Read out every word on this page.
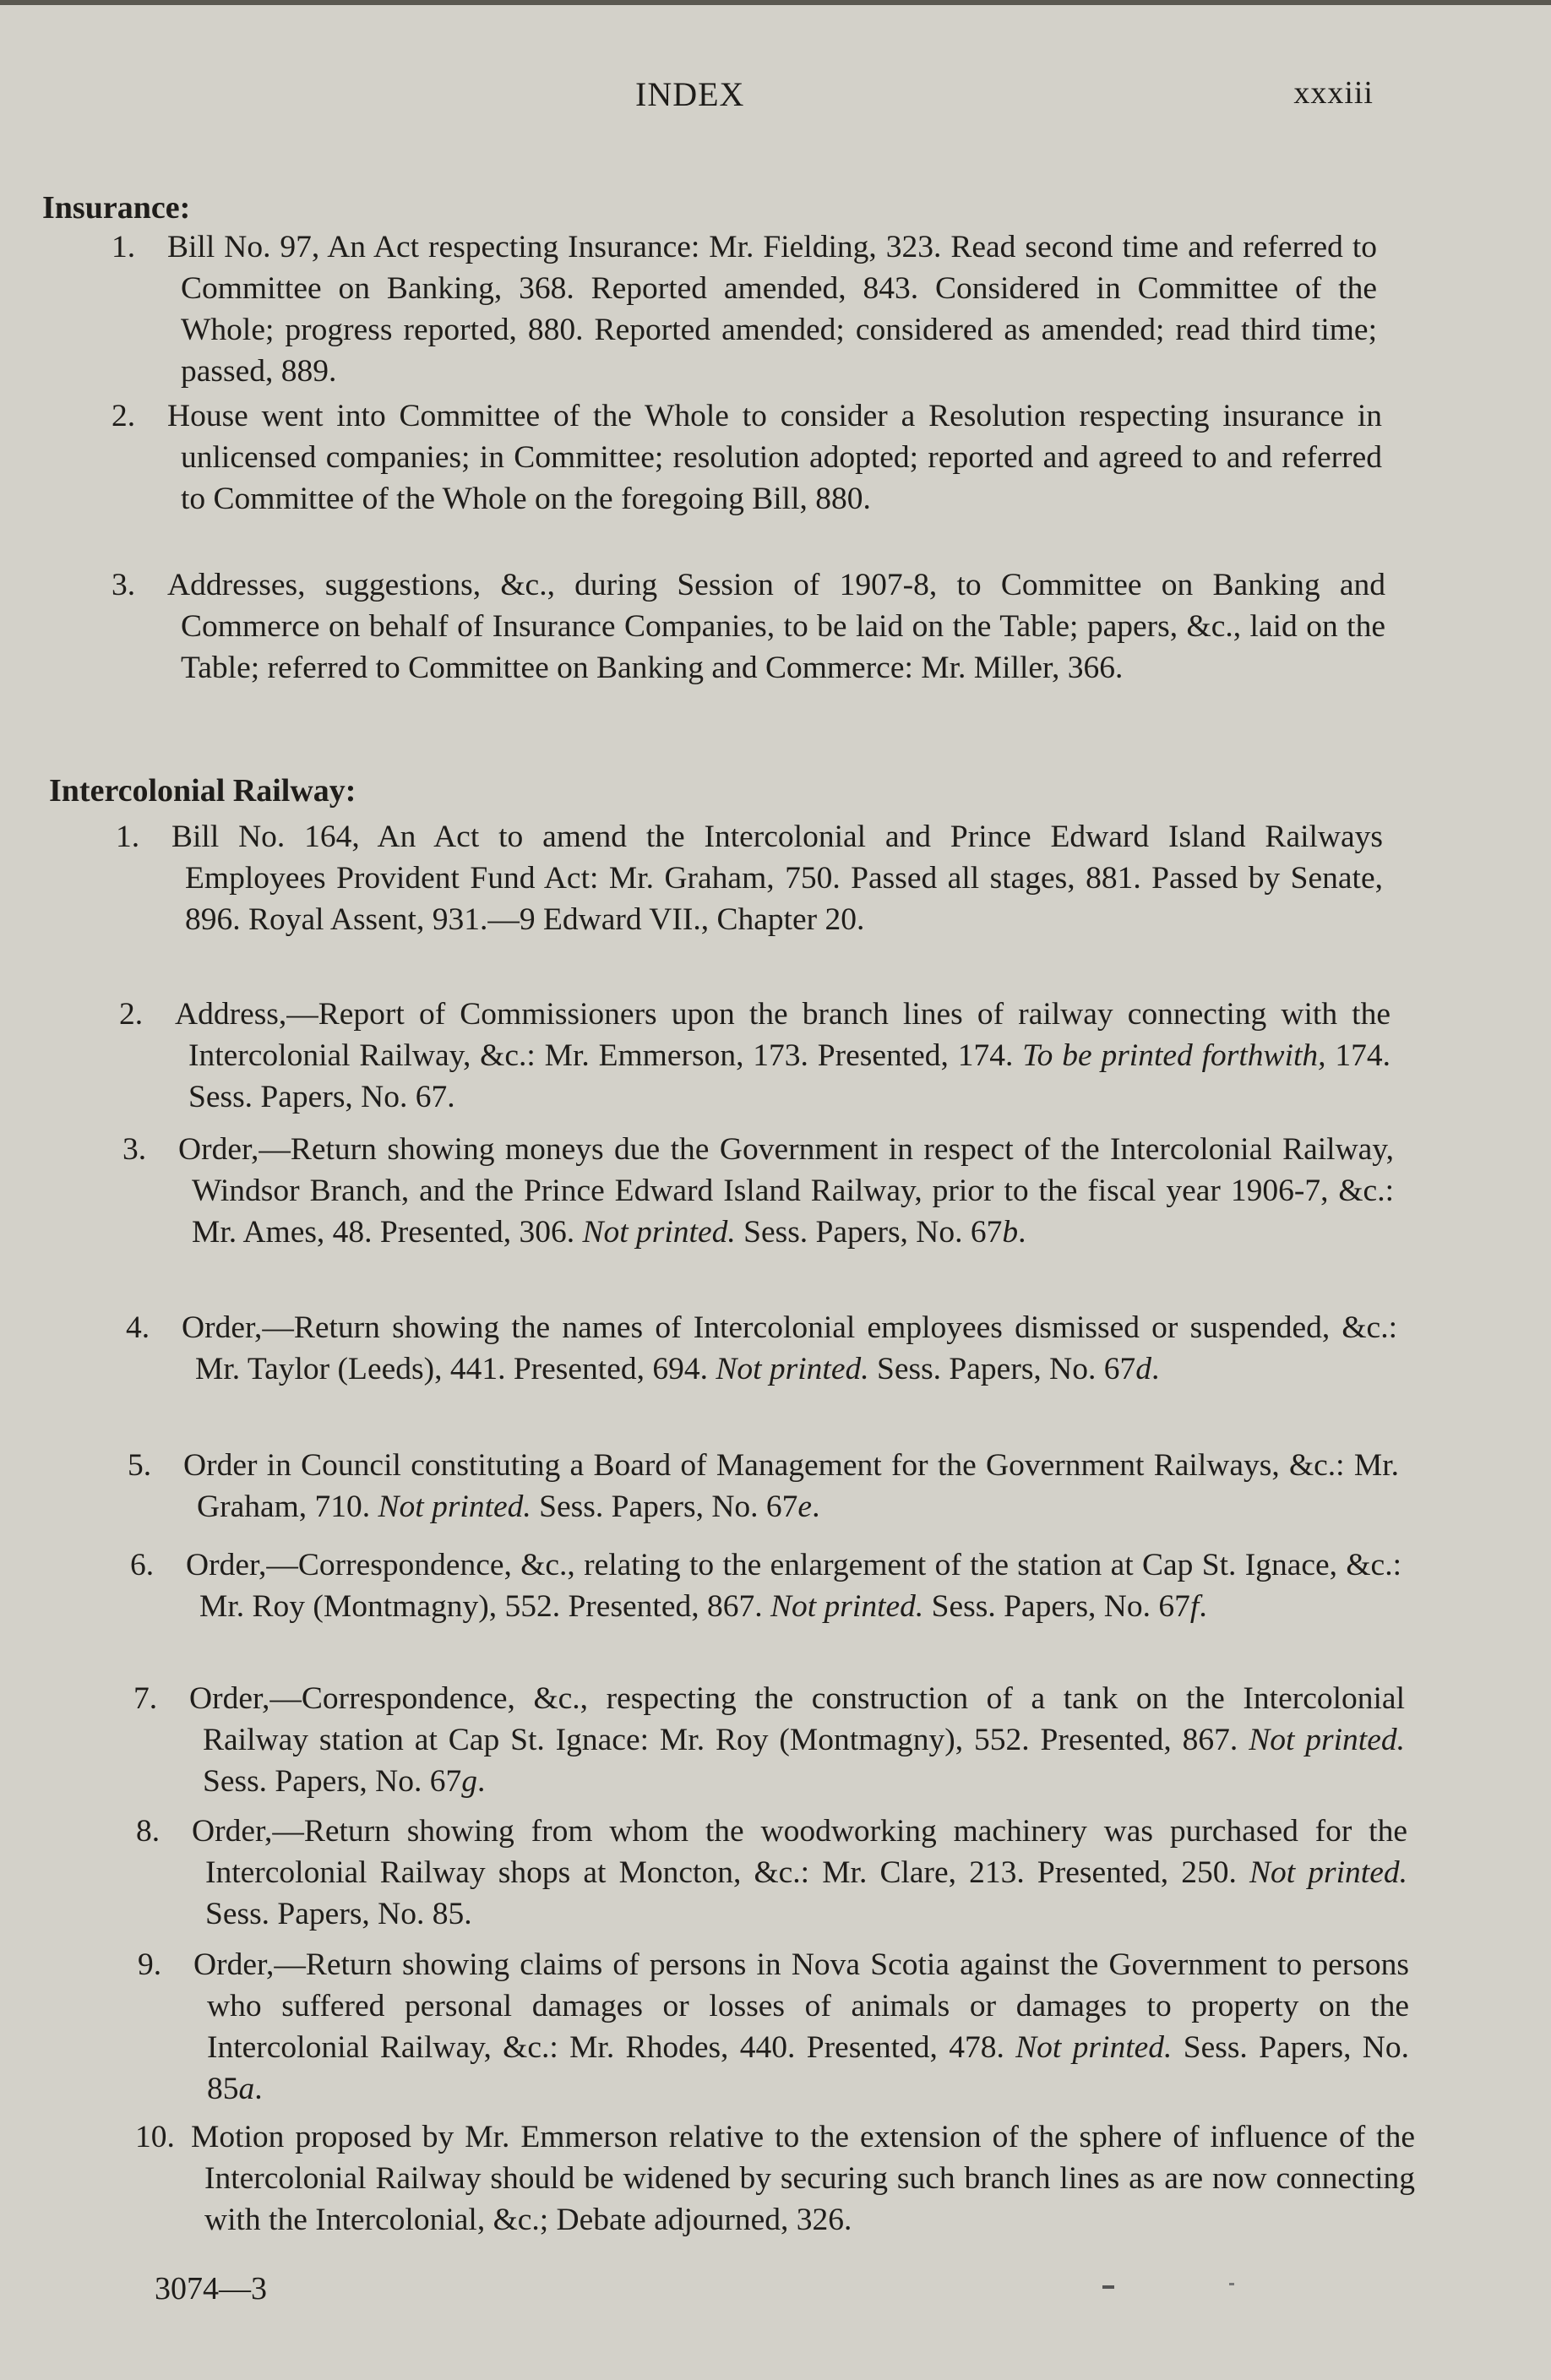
INDEX	xxxiii
Insurance:
1. Bill No. 97, An Act respecting Insurance: Mr. Fielding, 323. Read second time and referred to Committee on Banking, 368. Reported amended, 843. Considered in Committee of the Whole; progress reported, 880. Reported amended; considered as amended; read third time; passed, 889.
2. House went into Committee of the Whole to consider a Resolution respecting insurance in unlicensed companies; in Committee; resolution adopted; reported and agreed to and referred to Committee of the Whole on the foregoing Bill, 880.
3. Addresses, suggestions, &c., during Session of 1907-8, to Committee on Banking and Commerce on behalf of Insurance Companies, to be laid on the Table; papers, &c., laid on the Table; referred to Committee on Banking and Commerce: Mr. Miller, 366.
Intercolonial Railway:
1. Bill No. 164, An Act to amend the Intercolonial and Prince Edward Island Railways Employees Provident Fund Act: Mr. Graham, 750. Passed all stages, 881. Passed by Senate, 896. Royal Assent, 931.—9 Edward VII., Chapter 20.
2. Address,—Report of Commissioners upon the branch lines of railway connecting with the Intercolonial Railway, &c.: Mr. Emmerson, 173. Presented, 174. To be printed forthwith, 174. Sess. Papers, No. 67.
3. Order,—Return showing moneys due the Government in respect of the Intercolonial Railway, Windsor Branch, and the Prince Edward Island Railway, prior to the fiscal year 1906-7, &c.: Mr. Ames, 48. Presented, 306. Not printed. Sess. Papers, No. 67b.
4. Order,—Return showing the names of Intercolonial employees dismissed or suspended, &c.: Mr. Taylor (Leeds), 441. Presented, 694. Not printed. Sess. Papers, No. 67d.
5. Order in Council constituting a Board of Management for the Government Railways, &c.: Mr. Graham, 710. Not printed. Sess. Papers, No. 67e.
6. Order,—Correspondence, &c., relating to the enlargement of the station at Cap St. Ignace, &c.: Mr. Roy (Montmagny), 552. Presented, 867. Not printed. Sess. Papers, No. 67f.
7. Order,—Correspondence, &c., respecting the construction of a tank on the Intercolonial Railway station at Cap St. Ignace: Mr. Roy (Montmagny), 552. Presented, 867. Not printed. Sess. Papers, No. 67g.
8. Order,—Return showing from whom the woodworking machinery was purchased for the Intercolonial Railway shops at Moncton, &c.: Mr. Clare, 213. Presented, 250. Not printed. Sess. Papers, No. 85.
9. Order,—Return showing claims of persons in Nova Scotia against the Government to persons who suffered personal damages or losses of animals or damages to property on the Intercolonial Railway, &c.: Mr. Rhodes, 440. Presented, 478. Not printed. Sess. Papers, No. 85a.
10. Motion proposed by Mr. Emmerson relative to the extension of the sphere of influence of the Intercolonial Railway should be widened by securing such branch lines as are now connecting with the Intercolonial, &c.; Debate adjourned, 326.
3074—3
